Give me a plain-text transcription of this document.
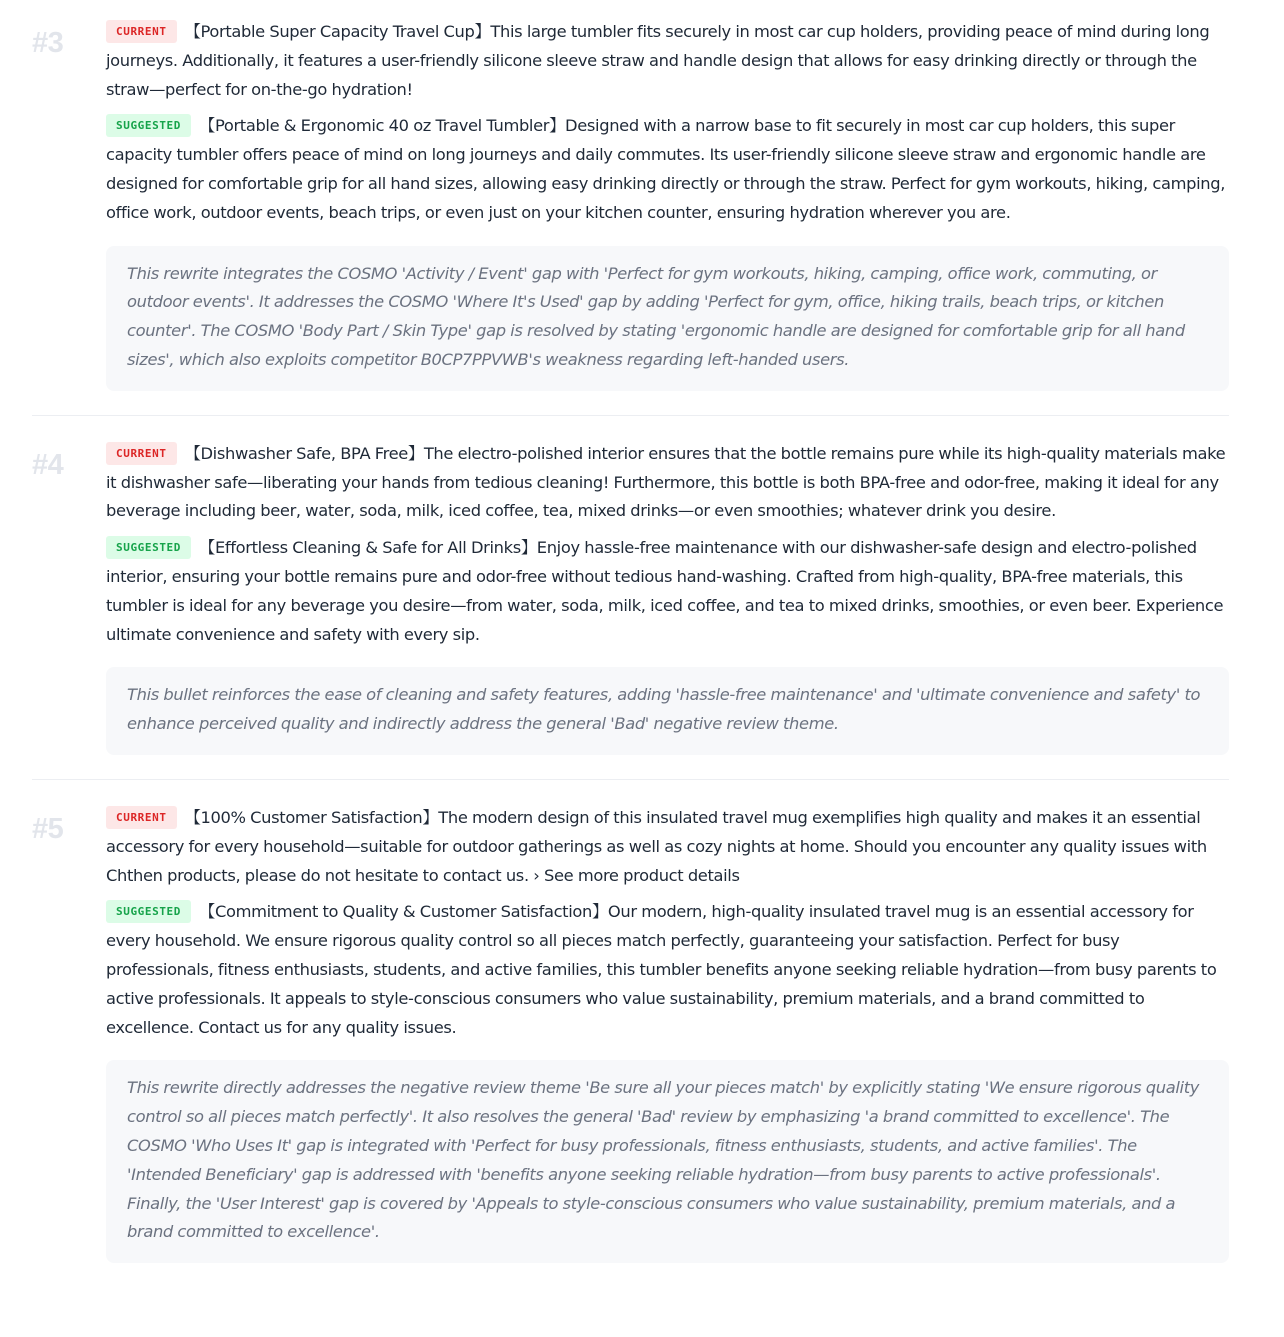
#3	CURRENT 【Portable Super Capacity Travel Cup】This large tumbler fits securely in most car cup holders, providing peace of mind during long journeys. Additionally, it features a user-friendly silicone sleeve straw and handle design that allows for easy drinking directly or through the straw—perfect for on-the-go hydration!

SUGGESTED 【Portable & Ergonomic 40 oz Travel Tumbler】Designed with a narrow base to fit securely in most car cup holders, this super capacity tumbler offers peace of mind on long journeys and daily commutes. Its user-friendly silicone sleeve straw and ergonomic handle are designed for comfortable grip for all hand sizes, allowing easy drinking directly or through the straw. Perfect for gym workouts, hiking, camping, office work, outdoor events, beach trips, or even just on your kitchen counter, ensuring hydration wherever you are.

This rewrite integrates the COSMO 'Activity / Event' gap with 'Perfect for gym workouts, hiking, camping, office work, commuting, or outdoor events'. It addresses the COSMO 'Where It's Used' gap by adding 'Perfect for gym, office, hiking trails, beach trips, or kitchen counter'. The COSMO 'Body Part / Skin Type' gap is resolved by stating 'ergonomic handle are designed for comfortable grip for all hand sizes', which also exploits competitor B0CP7PPVWB's weakness regarding left-handed users.

#4	CURRENT 【Dishwasher Safe, BPA Free】The electro-polished interior ensures that the bottle remains pure while its high-quality materials make it dishwasher safe—liberating your hands from tedious cleaning! Furthermore, this bottle is both BPA-free and odor-free, making it ideal for any beverage including beer, water, soda, milk, iced coffee, tea, mixed drinks—or even smoothies; whatever drink you desire.

SUGGESTED 【Effortless Cleaning & Safe for All Drinks】Enjoy hassle-free maintenance with our dishwasher-safe design and electro-polished interior, ensuring your bottle remains pure and odor-free without tedious hand-washing. Crafted from high-quality, BPA-free materials, this tumbler is ideal for any beverage you desire—from water, soda, milk, iced coffee, and tea to mixed drinks, smoothies, or even beer. Experience ultimate convenience and safety with every sip.

This bullet reinforces the ease of cleaning and safety features, adding 'hassle-free maintenance' and 'ultimate convenience and safety' to enhance perceived quality and indirectly address the general 'Bad' negative review theme.

#5	CURRENT 【100% Customer Satisfaction】The modern design of this insulated travel mug exemplifies high quality and makes it an essential accessory for every household—suitable for outdoor gatherings as well as cozy nights at home. Should you encounter any quality issues with Chthen products, please do not hesitate to contact us. › See more product details

SUGGESTED 【Commitment to Quality & Customer Satisfaction】Our modern, high-quality insulated travel mug is an essential accessory for every household. We ensure rigorous quality control so all pieces match perfectly, guaranteeing your satisfaction. Perfect for busy professionals, fitness enthusiasts, students, and active families, this tumbler benefits anyone seeking reliable hydration—from busy parents to active professionals. It appeals to style-conscious consumers who value sustainability, premium materials, and a brand committed to excellence. Contact us for any quality issues.

This rewrite directly addresses the negative review theme 'Be sure all your pieces match' by explicitly stating 'We ensure rigorous quality control so all pieces match perfectly'. It also resolves the general 'Bad' review by emphasizing 'a brand committed to excellence'. The COSMO 'Who Uses It' gap is integrated with 'Perfect for busy professionals, fitness enthusiasts, students, and active families'. The 'Intended Beneficiary' gap is addressed with 'benefits anyone seeking reliable hydration—from busy parents to active professionals'. Finally, the 'User Interest' gap is covered by 'Appeals to style-conscious consumers who value sustainability, premium materials, and a brand committed to excellence'.
